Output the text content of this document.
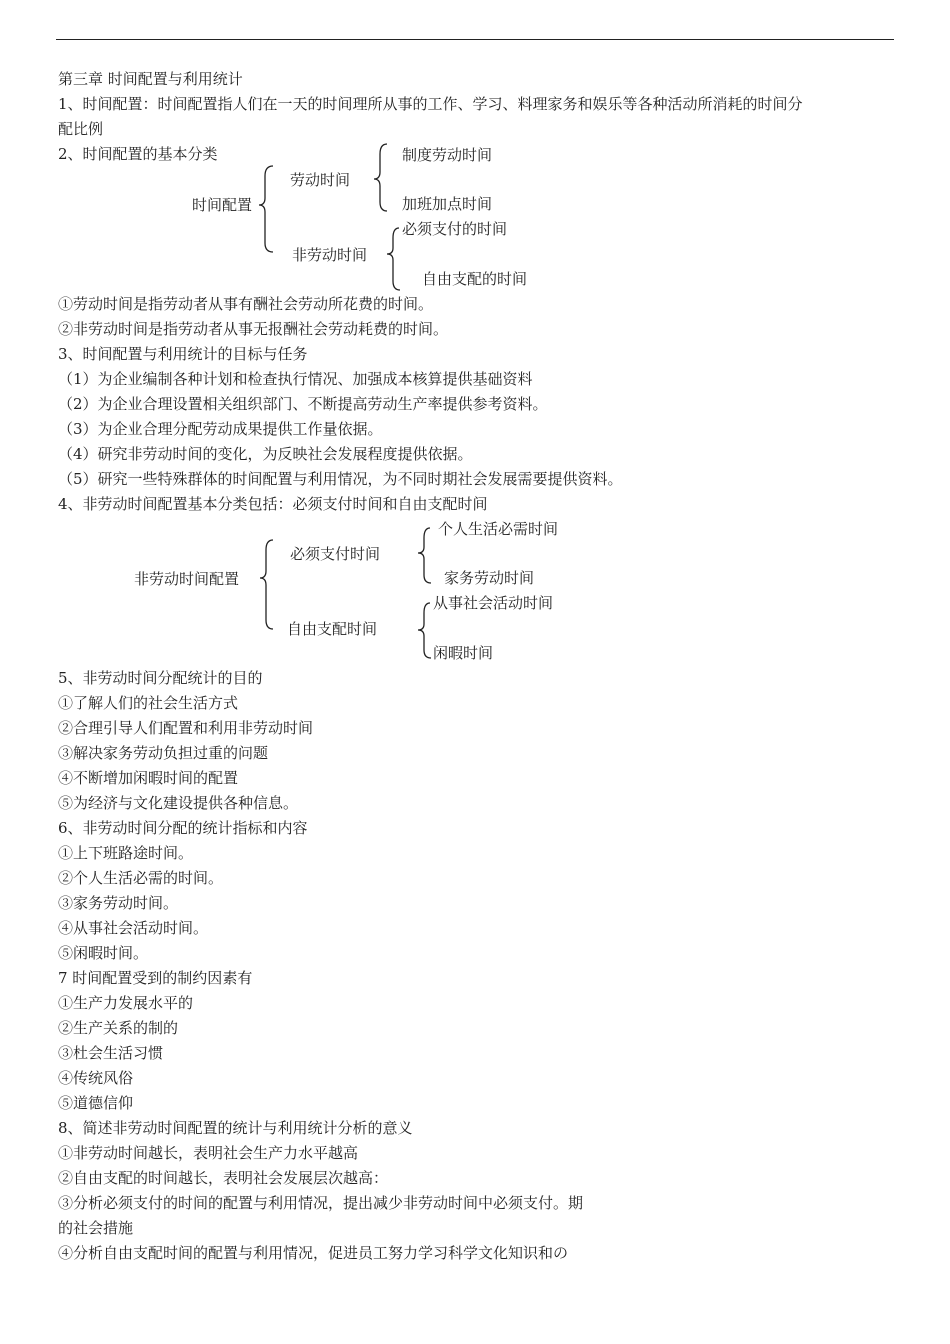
第三章 时间配置与利用统计
1、时间配置：时间配置指人们在一天的时间理所从事的工作、学习、料理家务和娱乐等各种活动所消耗的时间分
配比例
2、时间配置的基本分类
时间配置
劳动时间
制度劳动时间
加班加点时间
非劳动时间
必须支付的时间
自由支配的时间
①劳动时间是指劳动者从事有酬社会劳动所花费的时间。
②非劳动时间是指劳动者从事无报酬社会劳动耗费的时间。
3、时间配置与利用统计的目标与任务
（1）为企业编制各种计划和检查执行情况、加强成本核算提供基础资料
（2）为企业合理设置相关组织部门、不断提高劳动生产率提供参考资料。
（3）为企业合理分配劳动成果提供工作量依据。
（4）研究非劳动时间的变化，为反映社会发展程度提供依据。
（5）研究一些特殊群体的时间配置与利用情况，为不同时期社会发展需要提供资料。
4、非劳动时间配置基本分类包括：必须支付时间和自由支配时间
非劳动时间配置
必须支付时间
个人生活必需时间
家务劳动时间
自由支配时间
从事社会活动时间
闲暇时间
5、非劳动时间分配统计的目的
①了解人们的社会生活方式
②合理引导人们配置和利用非劳动时间
③解决家务劳动负担过重的问题
④不断增加闲暇时间的配置
⑤为经济与文化建设提供各种信息。
6、非劳动时间分配的统计指标和内容
①上下班路途时间。
②个人生活必需的时间。
③家务劳动时间。
④从事社会活动时间。
⑤闲暇时间。
7 时间配置受到的制约因素有
①生产力发展水平的
②生产关系的制的
③杜会生活习惯
④传统风俗
⑤道德信仰
8、简述非劳动时间配置的统计与利用统计分析的意义
①非劳动时间越长，表明社会生产力水平越高
②自由支配的时间越长，表明社会发展层次越高：
③分析必须支付的时间的配置与利用情况，提出减少非劳动时间中必须支付。期
的社会措施
④分析自由支配时间的配置与利用情况，促进员工努力学习科学文化知识和の
